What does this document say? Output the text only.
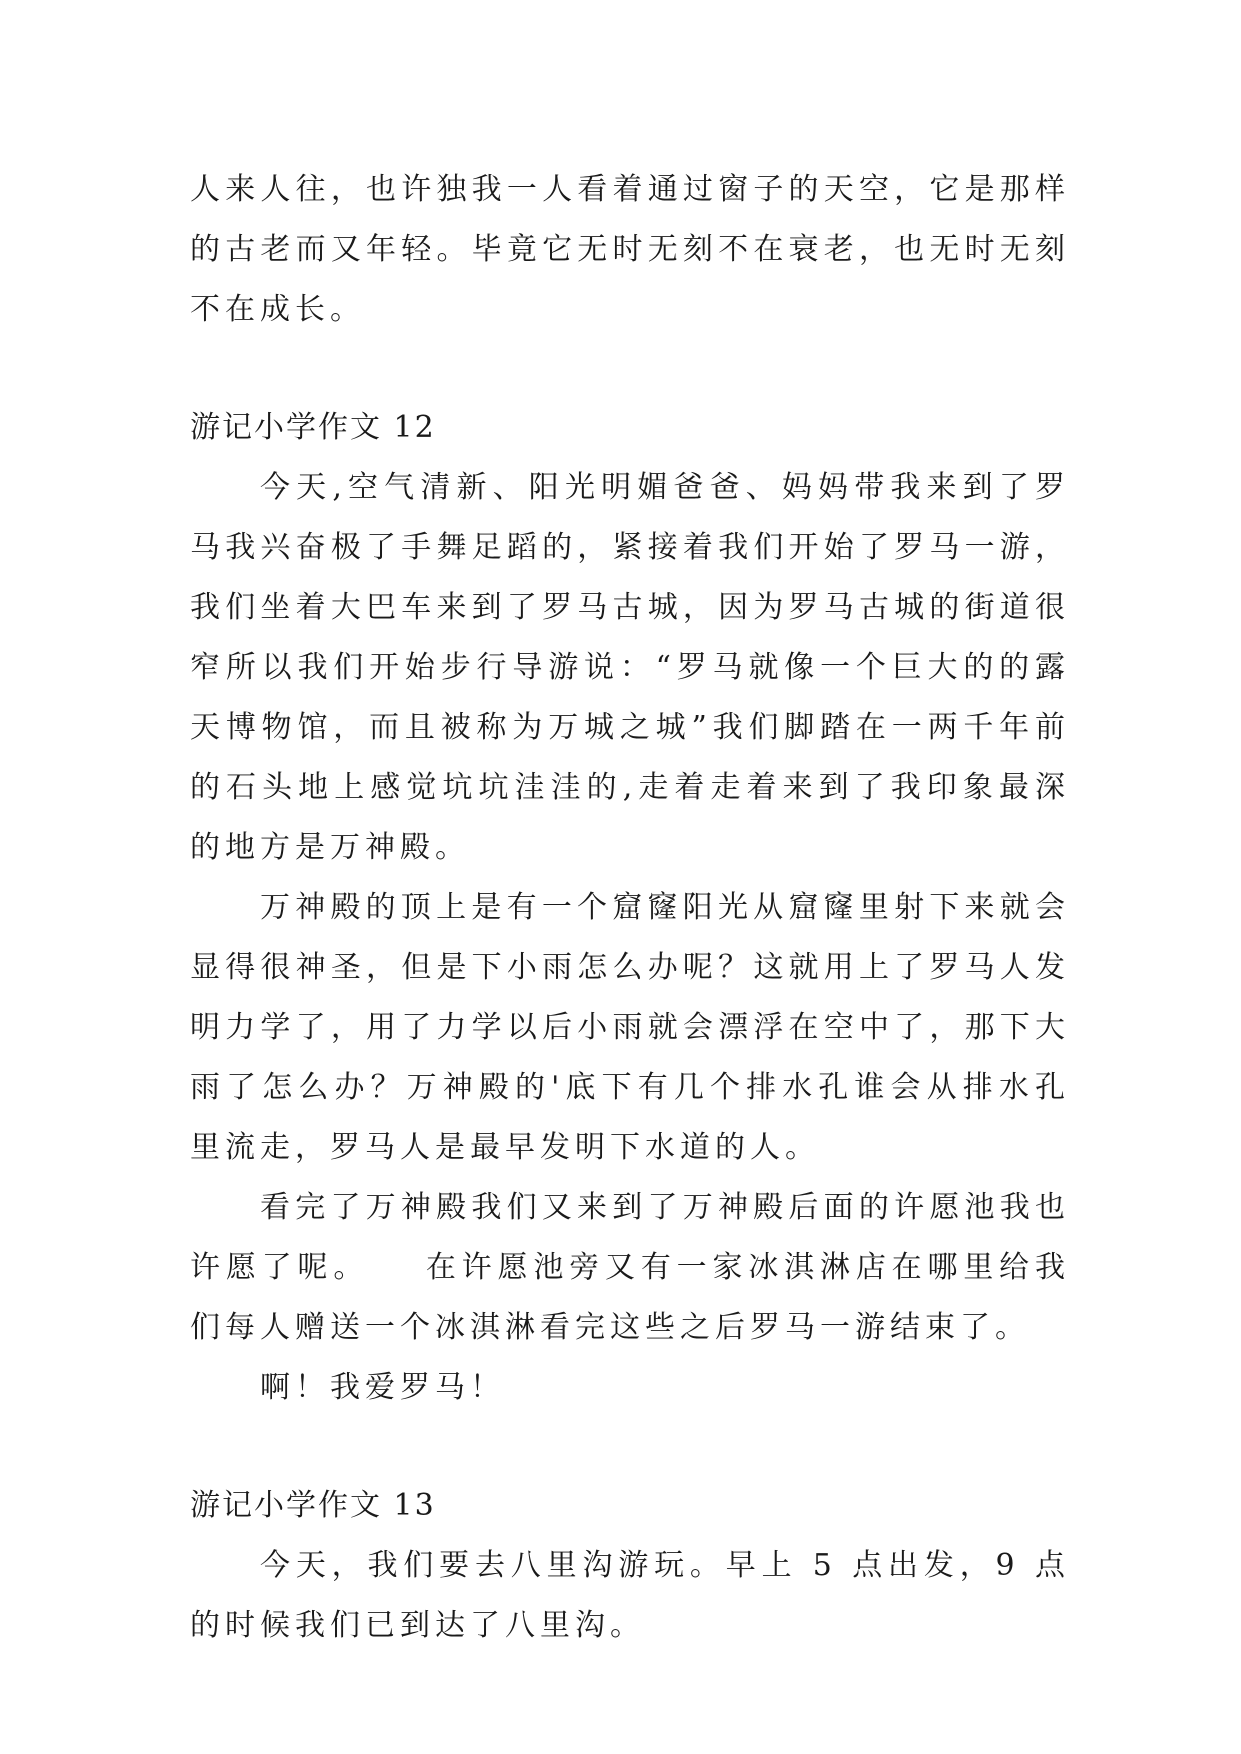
人来人往，也许独我一人看着通过窗子的天空，它是那样的古老而又年轻。毕竟它无时无刻不在衰老，也无时无刻不在成长。

游记小学作文 12

今天,空气清新、阳光明媚爸爸、妈妈带我来到了罗马我兴奋极了手舞足蹈的，紧接着我们开始了罗马一游，我们坐着大巴车来到了罗马古城，因为罗马古城的街道很窄所以我们开始步行导游说：“罗马就像一个巨大的的露天博物馆，而且被称为万城之城”我们脚踏在一两千年前的石头地上感觉坑坑洼洼的,走着走着来到了我印象最深的地方是万神殿。

万神殿的顶上是有一个窟窿阳光从窟窿里射下来就会显得很神圣，但是下小雨怎么办呢？这就用上了罗马人发明力学了，用了力学以后小雨就会漂浮在空中了，那下大雨了怎么办？万神殿的'底下有几个排水孔谁会从排水孔里流走，罗马人是最早发明下水道的人。

看完了万神殿我们又来到了万神殿后面的许愿池我也许愿了呢。　　在许愿池旁又有一家冰淇淋店在哪里给我们每人赠送一个冰淇淋看完这些之后罗马一游结束了。

啊！我爱罗马！

游记小学作文 13

今天，我们要去八里沟游玩。早上 5 点出发，9 点的时候我们已到达了八里沟。
